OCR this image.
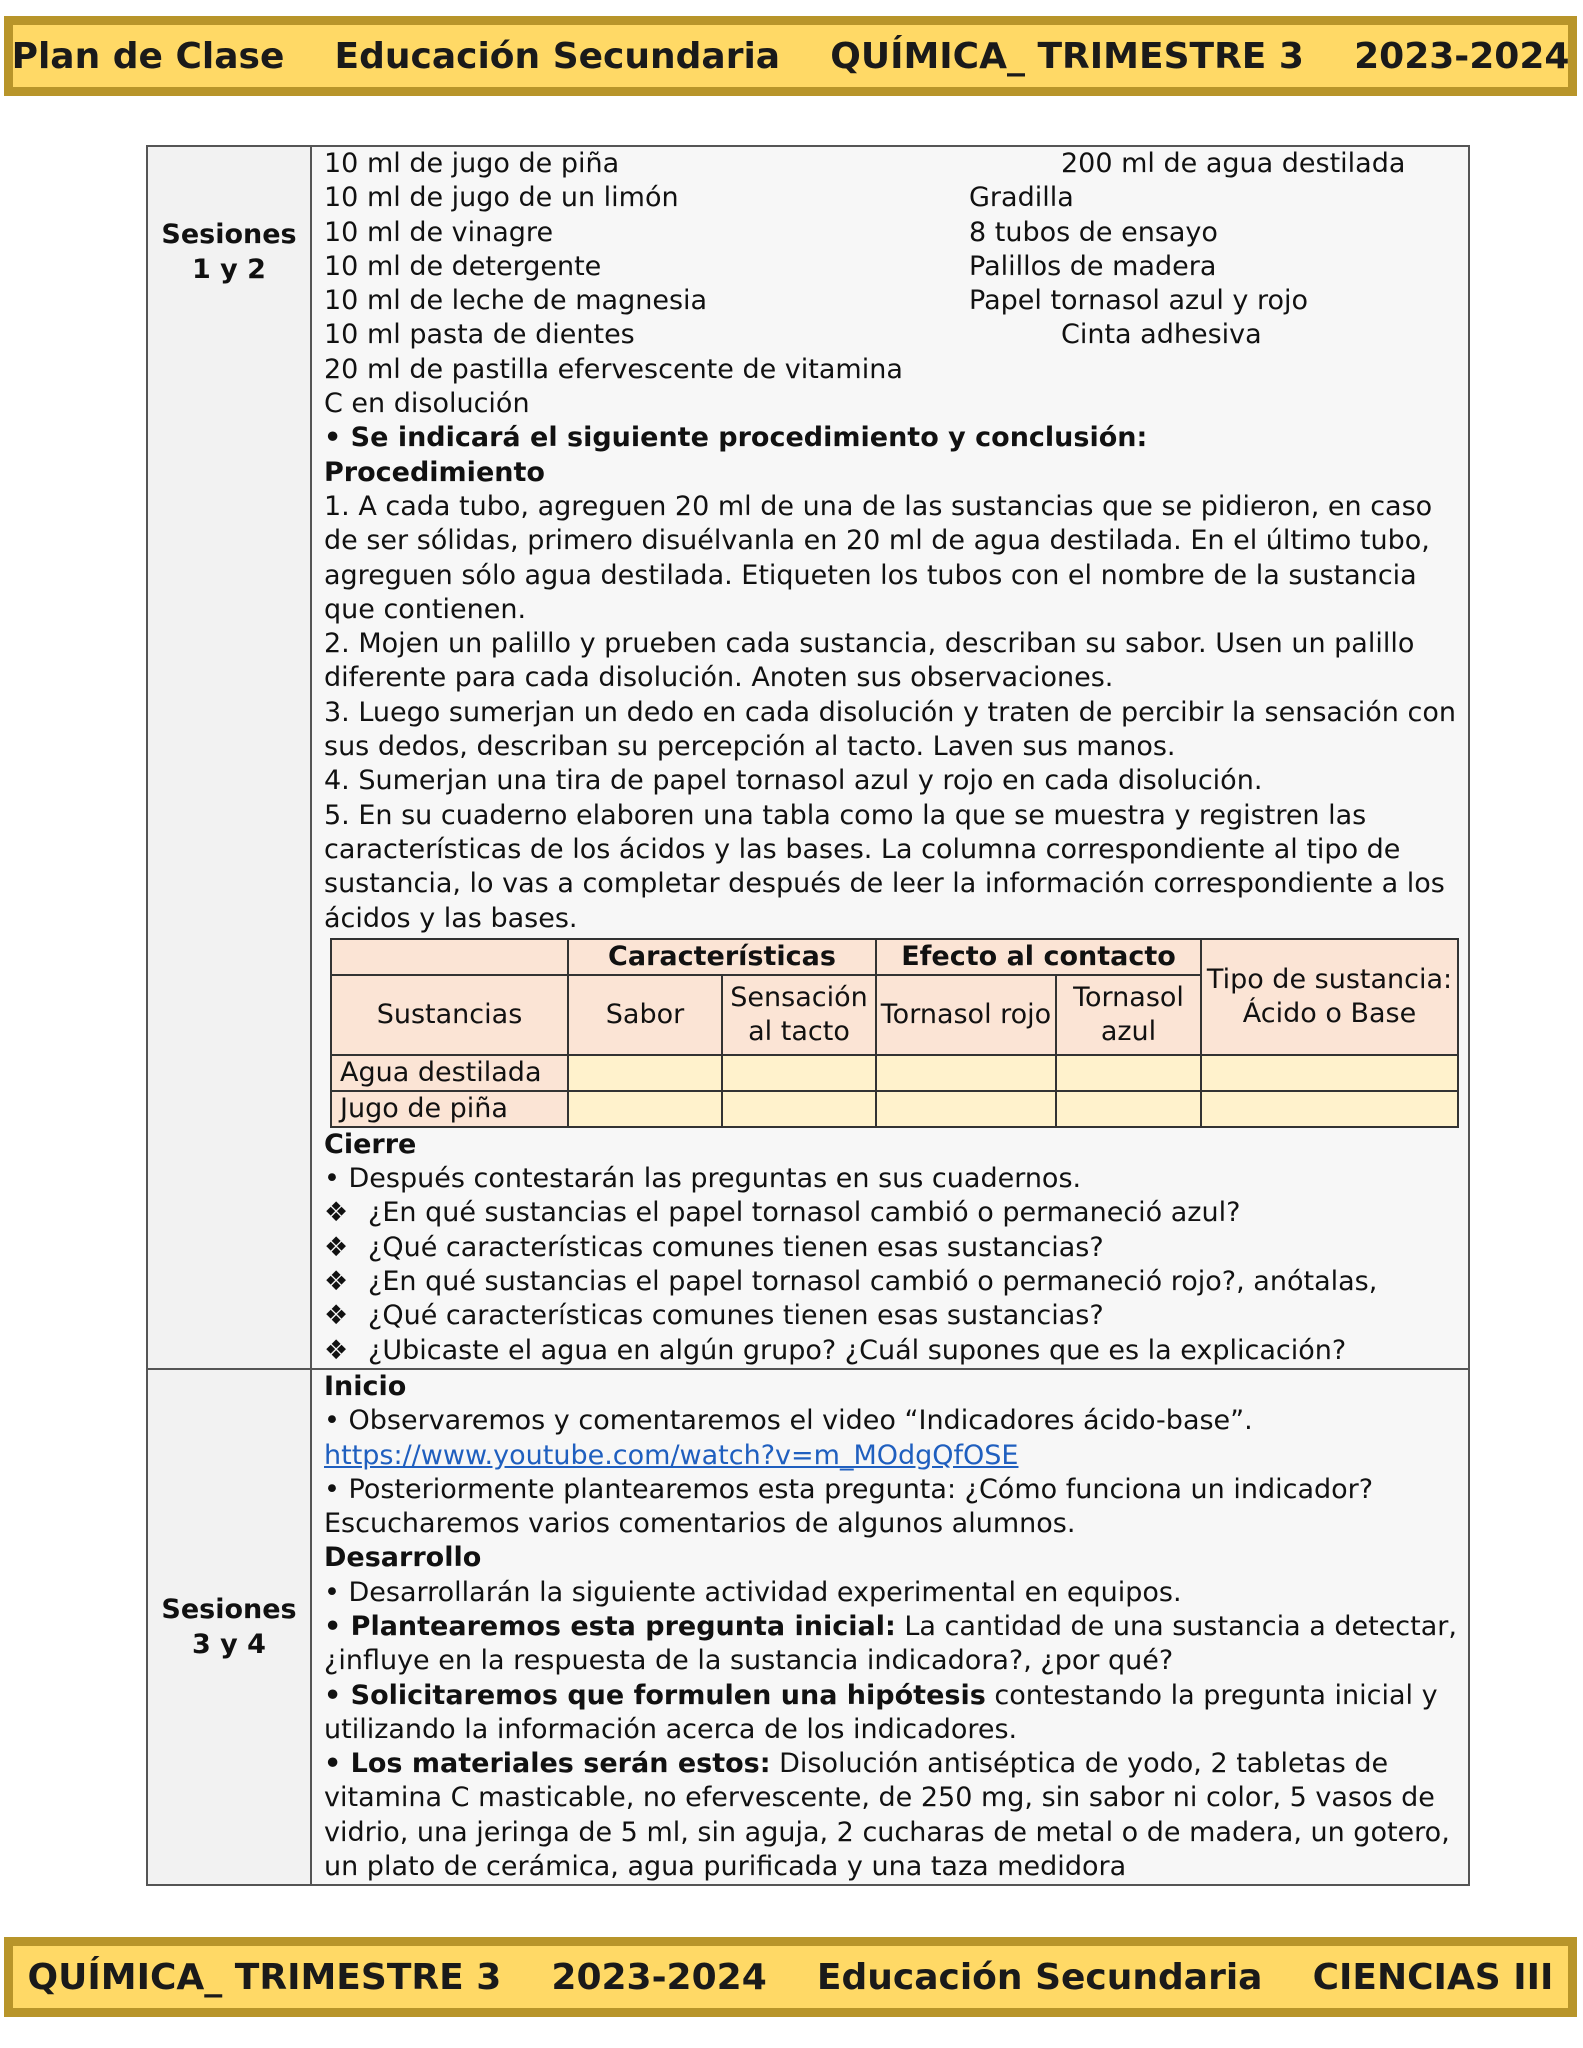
Plan de Clase    Educación Secundaria    QUÍMICA_ TRIMESTRE 3    2023-2024
Sesiones
1 y 2

10 ml de jugo de piña
10 ml de jugo de un limón
10 ml de vinagre
10 ml de detergente
10 ml de leche de magnesia
10 ml pasta de dientes
20 ml de pastilla efervescente de vitamina
C en disolución
200 ml de agua destilada
Gradilla
8 tubos de ensayo
Palillos de madera
Papel tornasol azul y rojo
Cinta adhesiva
• Se indicará el siguiente procedimiento y conclusión:
Procedimiento
1. A cada tubo, agreguen 20 ml de una de las sustancias que se pidieron, en caso de ser sólidas, primero disuélvanla en 20 ml de agua destilada. En el último tubo, agreguen sólo agua destilada. Etiqueten los tubos con el nombre de la sustancia que contienen.
2. Mojen un palillo y prueben cada sustancia, describan su sabor. Usen un palillo diferente para cada disolución. Anoten sus observaciones.
3. Luego sumerjan un dedo en cada disolución y traten de percibir la sensación con sus dedos, describan su percepción al tacto. Laven sus manos.
4. Sumerjan una tira de papel tornasol azul y rojo en cada disolución.
5. En su cuaderno elaboren una tabla como la que se muestra y registren las características de los ácidos y las bases. La columna correspondiente al tipo de sustancia, lo vas a completar después de leer la información correspondiente a los ácidos y las bases.
	Características	Efecto al contacto	Tipo de sustancia: Ácido o Base
Sustancias	Sabor	Sensación al tacto	Tornasol rojo	Tornasol azul
Agua destilada					
Jugo de piña					
Cierre
• Después contestarán las preguntas en sus cuadernos.
❖ ¿En qué sustancias el papel tornasol cambió o permaneció azul?
❖ ¿Qué características comunes tienen esas sustancias?
❖ ¿En qué sustancias el papel tornasol cambió o permaneció rojo?, anótalas,
❖ ¿Qué características comunes tienen esas sustancias?
❖ ¿Ubicaste el agua en algún grupo? ¿Cuál supones que es la explicación?

Sesiones
3 y 4

Inicio
• Observaremos y comentaremos el video “Indicadores ácido-base”.
https://www.youtube.com/watch?v=m_MOdgQfOSE
• Posteriormente plantearemos esta pregunta: ¿Cómo funciona un indicador? Escucharemos varios comentarios de algunos alumnos.
Desarrollo
• Desarrollarán la siguiente actividad experimental en equipos.
• Plantearemos esta pregunta inicial: La cantidad de una sustancia a detectar, ¿influye en la respuesta de la sustancia indicadora?, ¿por qué?
• Solicitaremos que formulen una hipótesis contestando la pregunta inicial y utilizando la información acerca de los indicadores.
• Los materiales serán estos: Disolución antiséptica de yodo, 2 tabletas de vitamina C masticable, no efervescente, de 250 mg, sin sabor ni color, 5 vasos de vidrio, una jeringa de 5 ml, sin aguja, 2 cucharas de metal o de madera, un gotero, un plato de cerámica, agua purificada y una taza medidora
QUÍMICA_ TRIMESTRE 3    2023-2024    Educación Secundaria    CIENCIAS III
